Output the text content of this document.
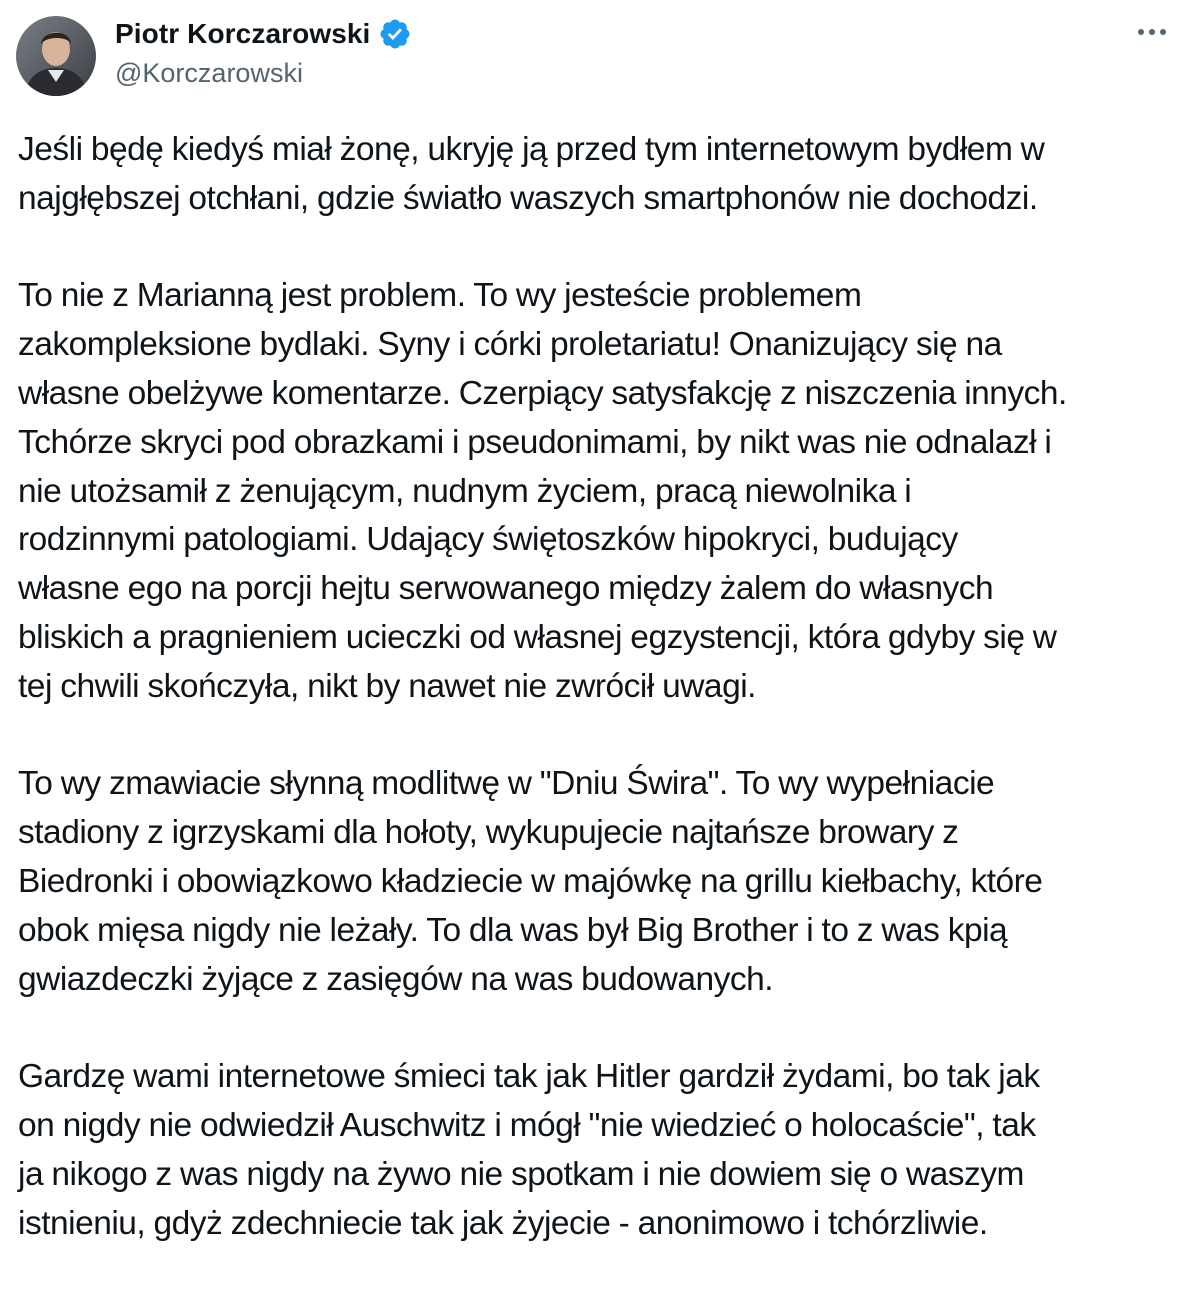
Piotr Korczarowski
@Korczarowski

Jeśli będę kiedyś miał żonę, ukryję ją przed tym internetowym bydłem w
najgłębszej otchłani, gdzie światło waszych smartphonów nie dochodzi.

To nie z Marianną jest problem. To wy jesteście problemem
zakompleksione bydlaki. Syny i córki proletariatu! Onanizujący się na
własne obelżywe komentarze. Czerpiący satysfakcję z niszczenia innych.
Tchórze skryci pod obrazkami i pseudonimami, by nikt was nie odnalazł i
nie utożsamił z żenującym, nudnym życiem, pracą niewolnika i
rodzinnymi patologiami. Udający świętoszków hipokryci, budujący
własne ego na porcji hejtu serwowanego między żalem do własnych
bliskich a pragnieniem ucieczki od własnej egzystencji, która gdyby się w
tej chwili skończyła, nikt by nawet nie zwrócił uwagi.

To wy zmawiacie słynną modlitwę w "Dniu Świra". To wy wypełniacie
stadiony z igrzyskami dla hołoty, wykupujecie najtańsze browary z
Biedronki i obowiązkowo kładziecie w majówkę na grillu kiełbachy, które
obok mięsa nigdy nie leżały. To dla was był Big Brother i to z was kpią
gwiazdeczki żyjące z zasięgów na was budowanych.

Gardzę wami internetowe śmieci tak jak Hitler gardził żydami, bo tak jak
on nigdy nie odwiedził Auschwitz i mógł "nie wiedzieć o holocaście", tak
ja nikogo z was nigdy na żywo nie spotkam i nie dowiem się o waszym
istnieniu, gdyż zdechniecie tak jak żyjecie - anonimowo i tchórzliwie.
